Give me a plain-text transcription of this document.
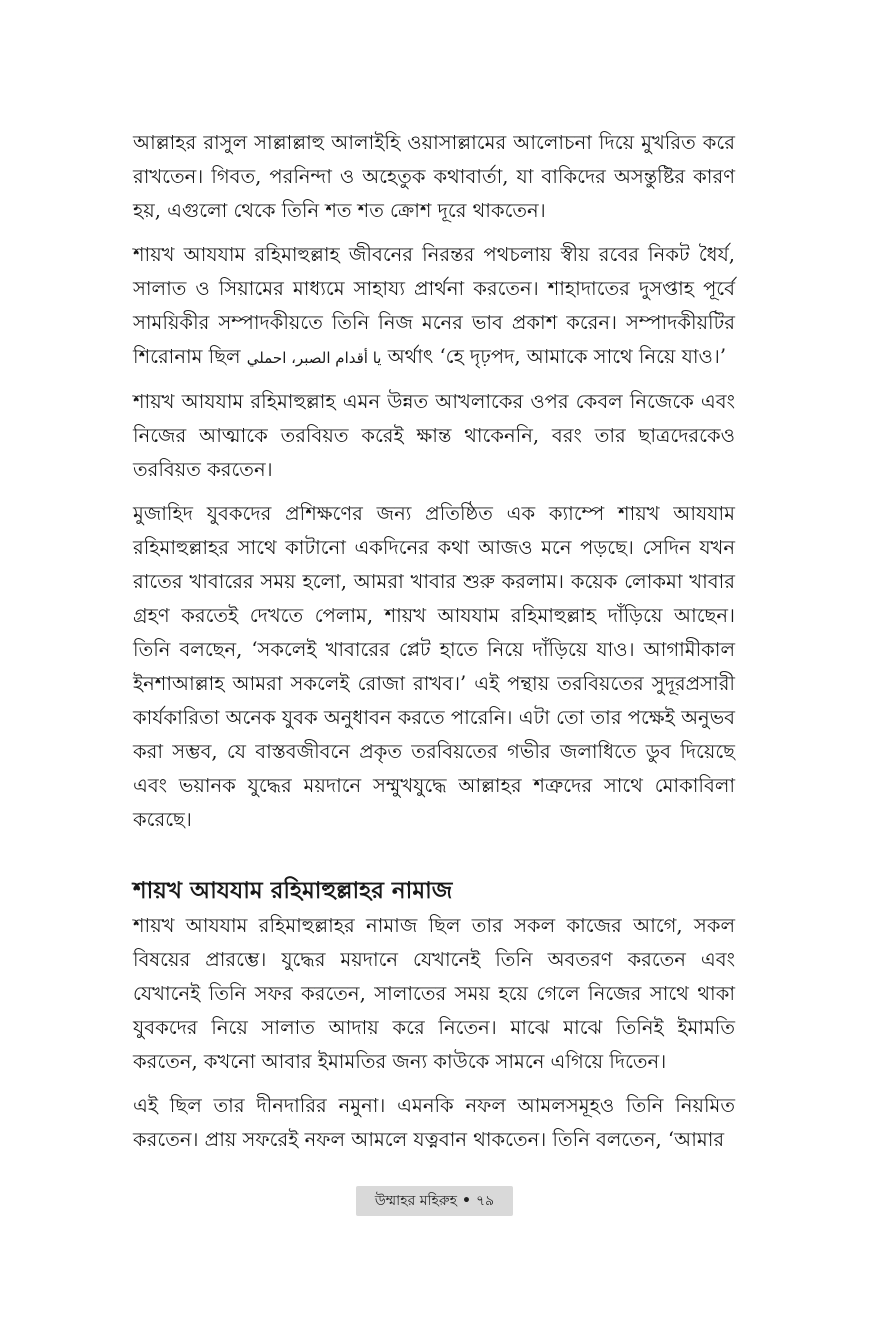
আল্লাহর রাসুল সাল্লাল্লাহু আলাইহি ওয়াসাল্লামের আলোচনা দিয়ে মুখরিত করে রাখতেন। গিবত, পরনিন্দা ও অহেতুক কথাবার্তা, যা বাকিদের অসন্তুষ্টির কারণ হয়, এগুলো থেকে তিনি শত শত ক্রোশ দূরে থাকতেন।

শায়খ আযযাম রহিমাহুল্লাহ জীবনের নিরন্তর পথচলায় স্বীয় রবের নিকট ধৈর্য, সালাত ও সিয়ামের মাধ্যমে সাহায্য প্রার্থনা করতেন। শাহাদাতের দুসপ্তাহ পূর্বে সাময়িকীর সম্পাদকীয়তে তিনি নিজ মনের ভাব প্রকাশ করেন। সম্পাদকীয়টির শিরোনাম ছিল يا أقدام الصبر، احملي অর্থাৎ ‘হে দৃঢ়পদ, আমাকে সাথে নিয়ে যাও।’

শায়খ আযযাম রহিমাহুল্লাহ এমন উন্নত আখলাকের ওপর কেবল নিজেকে এবং নিজের আত্মাকে তরবিয়ত করেই ক্ষান্ত থাকেননি, বরং তার ছাত্রদেরকেও তরবিয়ত করতেন।

মুজাহিদ যুবকদের প্রশিক্ষণের জন্য প্রতিষ্ঠিত এক ক্যাম্পে শায়খ আযযাম রহিমাহুল্লাহর সাথে কাটানো একদিনের কথা আজও মনে পড়ছে। সেদিন যখন রাতের খাবারের সময় হলো, আমরা খাবার শুরু করলাম। কয়েক লোকমা খাবার গ্রহণ করতেই দেখতে পেলাম, শায়খ আযযাম রহিমাহুল্লাহ দাঁড়িয়ে আছেন। তিনি বলছেন, ‘সকলেই খাবারের প্লেট হাতে নিয়ে দাঁড়িয়ে যাও। আগামীকাল ইনশাআল্লাহ আমরা সকলেই রোজা রাখব।’ এই পন্থায় তরবিয়তের সুদূরপ্রসারী কার্যকারিতা অনেক যুবক অনুধাবন করতে পারেনি। এটা তো তার পক্ষেই অনুভব করা সম্ভব, যে বাস্তবজীবনে প্রকৃত তরবিয়তের গভীর জলাধিতে ডুব দিয়েছে এবং ভয়ানক যুদ্ধের ময়দানে সম্মুখযুদ্ধে আল্লাহর শত্রুদের সাথে মোকাবিলা করেছে।

শায়খ আযযাম রহিমাহুল্লাহর নামাজ

শায়খ আযযাম রহিমাহুল্লাহর নামাজ ছিল তার সকল কাজের আগে, সকল বিষয়ের প্রারম্ভে। যুদ্ধের ময়দানে যেখানেই তিনি অবতরণ করতেন এবং যেখানেই তিনি সফর করতেন, সালাতের সময় হয়ে গেলে নিজের সাথে থাকা যুবকদের নিয়ে সালাত আদায় করে নিতেন। মাঝে মাঝে তিনিই ইমামতি করতেন, কখনো আবার ইমামতির জন্য কাউকে সামনে এগিয়ে দিতেন।

এই ছিল তার দীনদারির নমুনা। এমনকি নফল আমলসমূহও তিনি নিয়মিত করতেন। প্রায় সফরেই নফল আমলে যত্নবান থাকতেন। তিনি বলতেন, ‘আমার

উম্মাহর মহিরুহ • ৭৯
